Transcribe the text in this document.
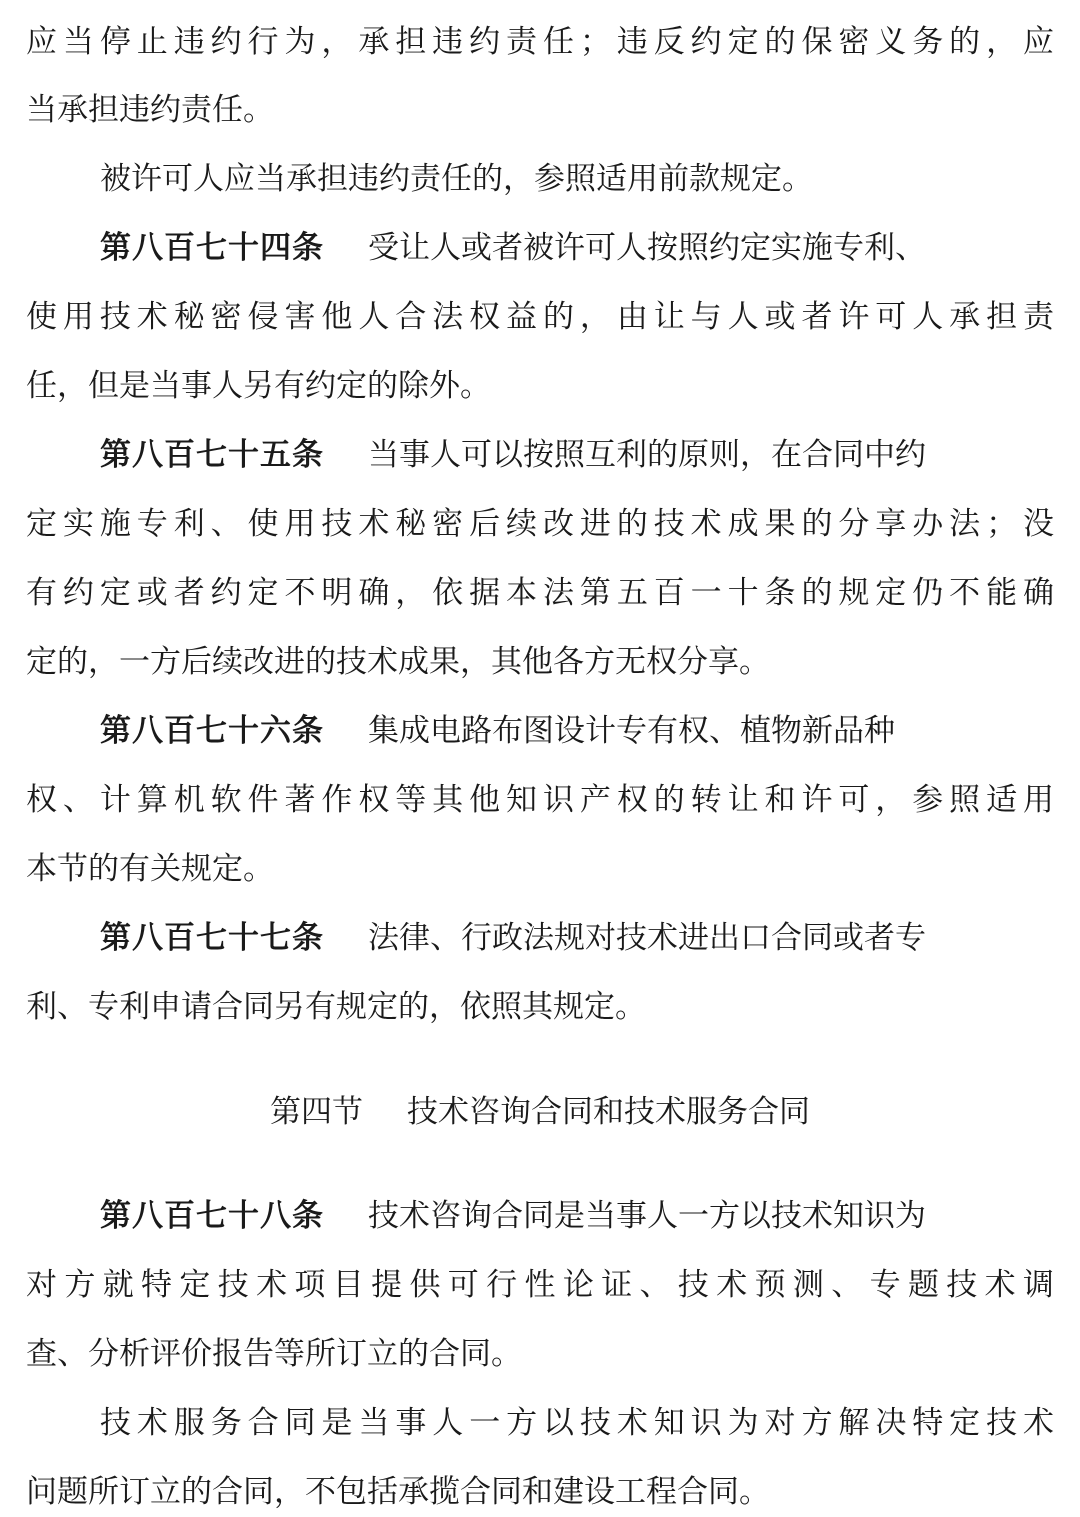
应当停止违约行为，承担违约责任；违反约定的保密义务的，应
当承担违约责任。
被许可人应当承担违约责任的，参照适用前款规定。
第八百七十四条 受让人或者被许可人按照约定实施专利、
使用技术秘密侵害他人合法权益的，由让与人或者许可人承担责
任，但是当事人另有约定的除外。
第八百七十五条 当事人可以按照互利的原则，在合同中约
定实施专利、使用技术秘密后续改进的技术成果的分享办法；没
有约定或者约定不明确，依据本法第五百一十条的规定仍不能确
定的，一方后续改进的技术成果，其他各方无权分享。
第八百七十六条 集成电路布图设计专有权、植物新品种
权、计算机软件著作权等其他知识产权的转让和许可，参照适用
本节的有关规定。
第八百七十七条 法律、行政法规对技术进出口合同或者专
利、专利申请合同另有规定的，依照其规定。
第四节 技术咨询合同和技术服务合同
第八百七十八条 技术咨询合同是当事人一方以技术知识为
对方就特定技术项目提供可行性论证、技术预测、专题技术调
查、分析评价报告等所订立的合同。
技术服务合同是当事人一方以技术知识为对方解决特定技术
问题所订立的合同，不包括承揽合同和建设工程合同。
